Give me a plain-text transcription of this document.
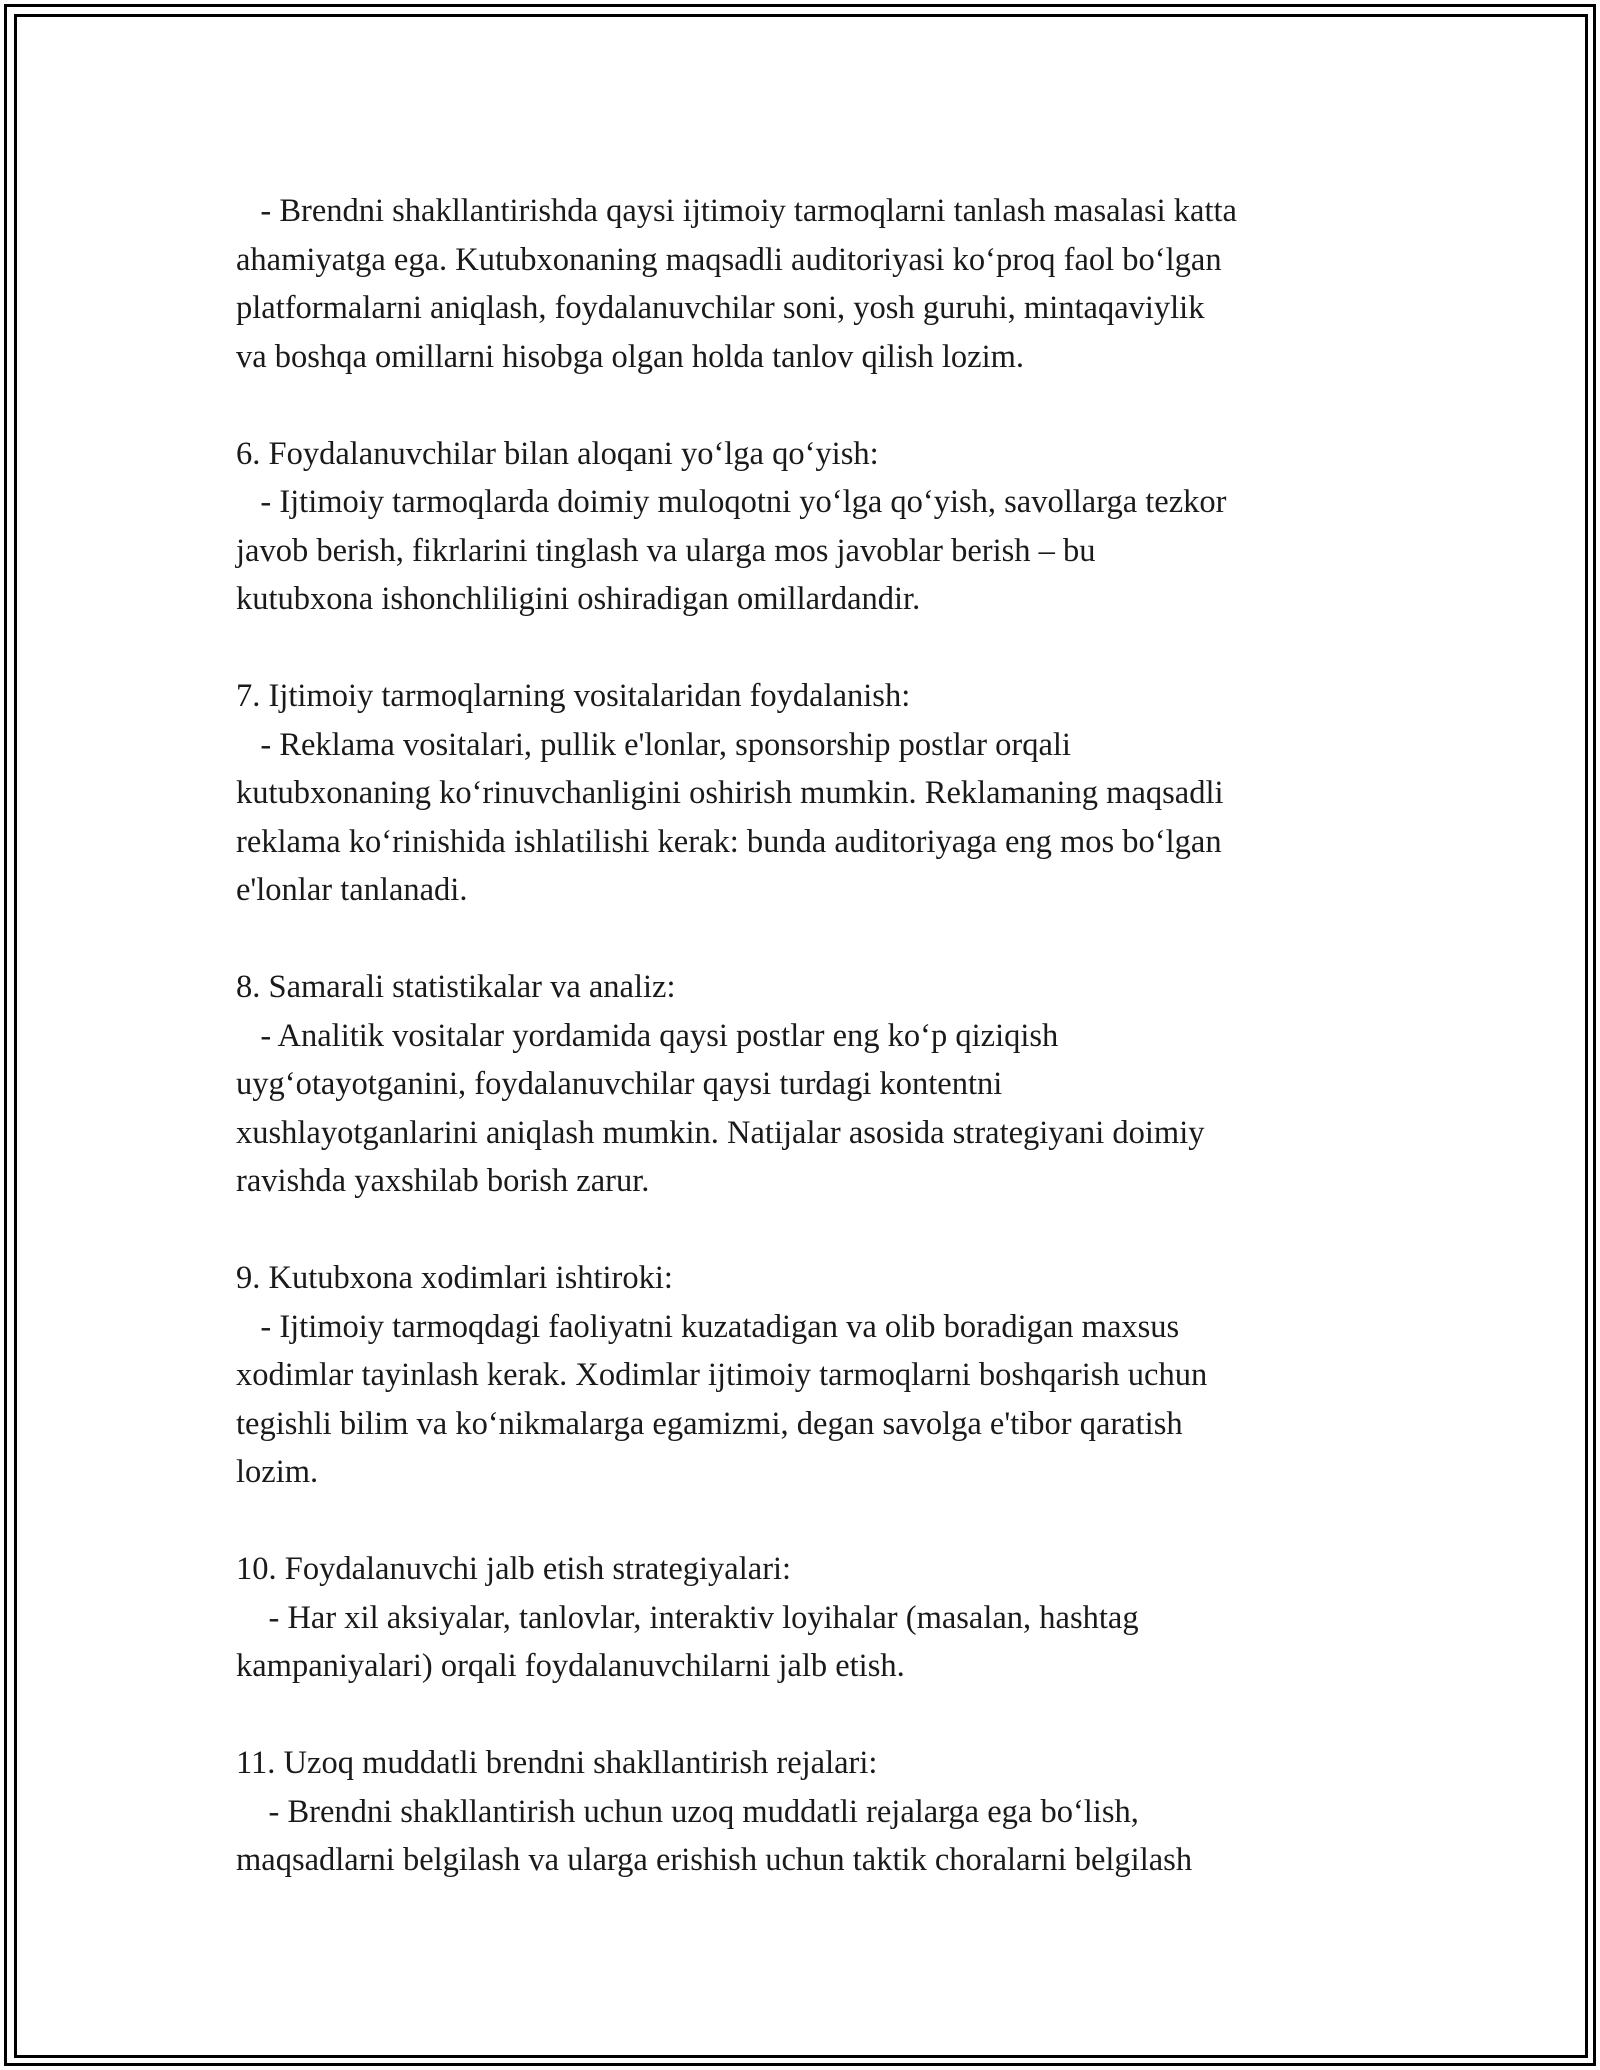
- Brendni shakllantirishda qaysi ijtimoiy tarmoqlarni tanlash masalasi katta
ahamiyatga ega. Kutubxonaning maqsadli auditoriyasi ko‘proq faol bo‘lgan
platformalarni aniqlash, foydalanuvchilar soni, yosh guruhi, mintaqaviylik
va boshqa omillarni hisobga olgan holda tanlov qilish lozim.
6. Foydalanuvchilar bilan aloqani yo‘lga qo‘yish:
- Ijtimoiy tarmoqlarda doimiy muloqotni yo‘lga qo‘yish, savollarga tezkor
javob berish, fikrlarini tinglash va ularga mos javoblar berish – bu
kutubxona ishonchliligini oshiradigan omillardandir.
7. Ijtimoiy tarmoqlarning vositalaridan foydalanish:
- Reklama vositalari, pullik e'lonlar, sponsorship postlar orqali
kutubxonaning ko‘rinuvchanligini oshirish mumkin. Reklamaning maqsadli
reklama ko‘rinishida ishlatilishi kerak: bunda auditoriyaga eng mos bo‘lgan
e'lonlar tanlanadi.
8. Samarali statistikalar va analiz:
- Analitik vositalar yordamida qaysi postlar eng ko‘p qiziqish
uyg‘otayotganini, foydalanuvchilar qaysi turdagi kontentni
xushlayotganlarini aniqlash mumkin. Natijalar asosida strategiyani doimiy
ravishda yaxshilab borish zarur.
9. Kutubxona xodimlari ishtiroki:
- Ijtimoiy tarmoqdagi faoliyatni kuzatadigan va olib boradigan maxsus
xodimlar tayinlash kerak. Xodimlar ijtimoiy tarmoqlarni boshqarish uchun
tegishli bilim va ko‘nikmalarga egamizmi, degan savolga e'tibor qaratish
lozim.
10. Foydalanuvchi jalb etish strategiyalari:
- Har xil aksiyalar, tanlovlar, interaktiv loyihalar (masalan, hashtag
kampaniyalari) orqali foydalanuvchilarni jalb etish.
11. Uzoq muddatli brendni shakllantirish rejalari:
- Brendni shakllantirish uchun uzoq muddatli rejalarga ega bo‘lish,
maqsadlarni belgilash va ularga erishish uchun taktik choralarni belgilash
